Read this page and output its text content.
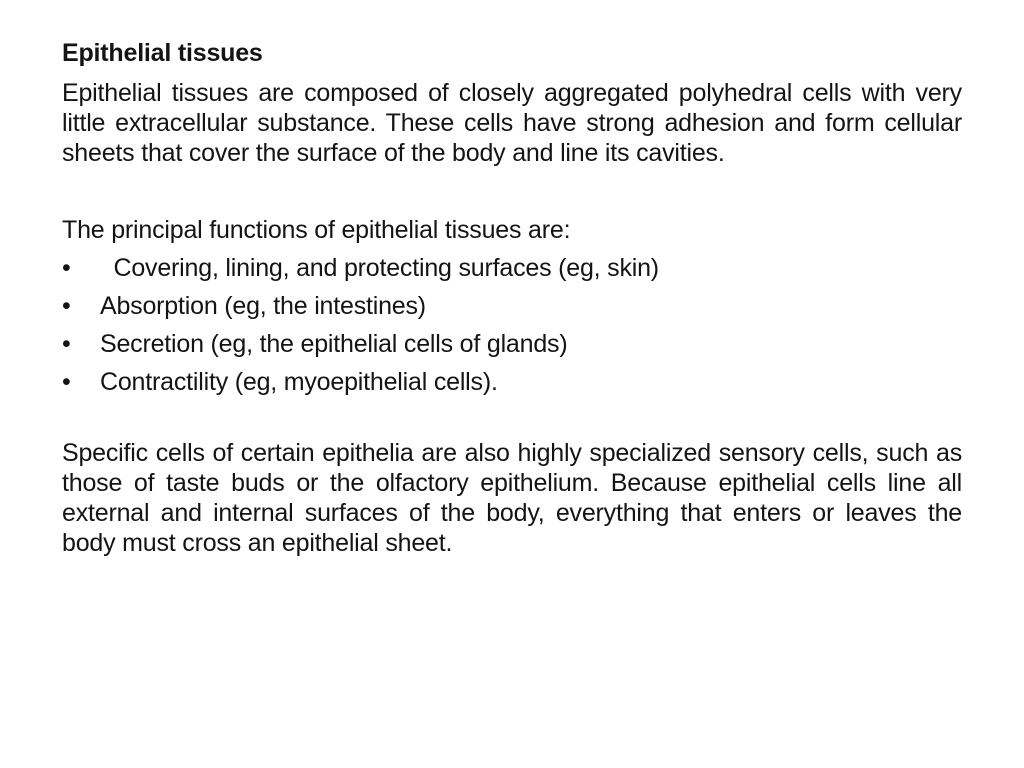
Epithelial tissues

Epithelial tissues are composed of closely aggregated polyhedral cells with very little extracellular substance. These cells have strong adhesion and form cellular sheets that cover the surface of the body and line its cavities.

The principal functions of epithelial tissues are:

•	Covering, lining, and protecting surfaces (eg, skin)
•	Absorption (eg, the intestines)
•	Secretion (eg, the epithelial cells of glands)
•	Contractility (eg, myoepithelial cells).

Specific cells of certain epithelia are also highly specialized sensory cells, such as those of taste buds or the olfactory epithelium. Because epithelial cells line all external and internal surfaces of the body, everything that enters or leaves the body must cross an epithelial sheet.
